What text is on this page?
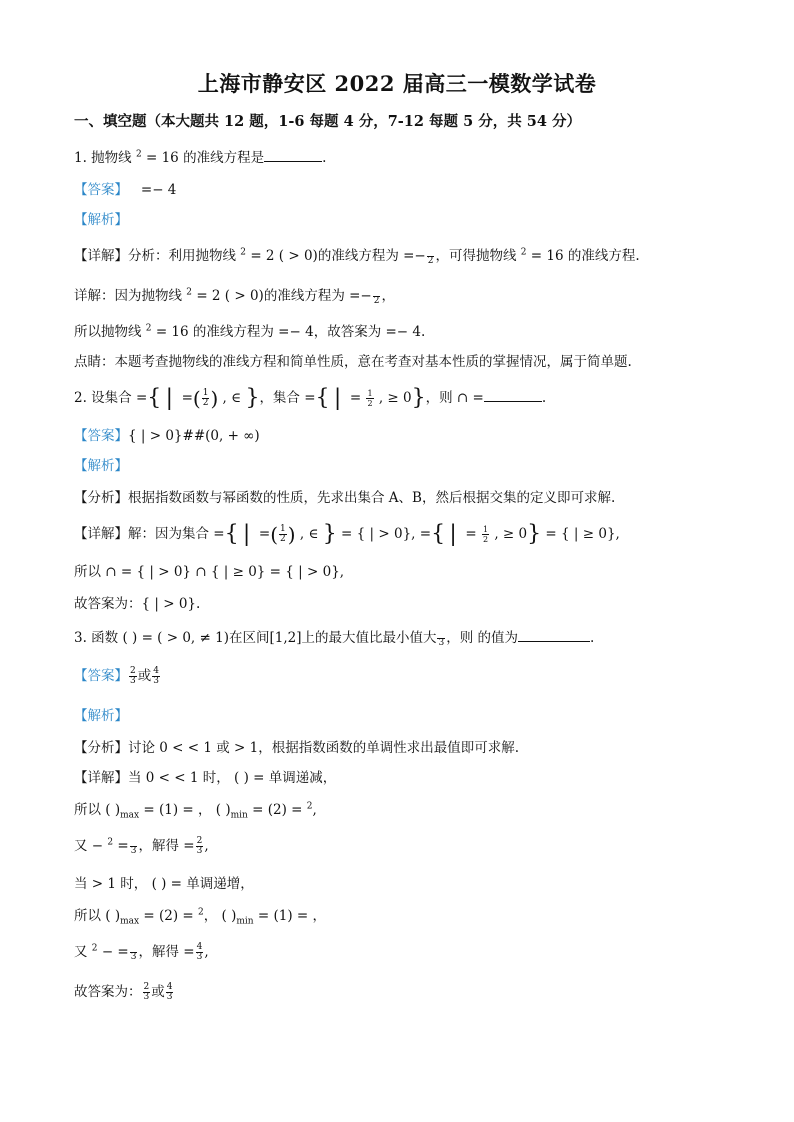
上海市静安区 2022 届高三一模数学试卷
一、填空题（本大题共 12 题，1-6 每题 4 分，7-12 每题 5 分，共 54 分）
1. 抛物线 $^2$ = 16 的准线方程是	.
【答案】   =− 4
【解析】
【详解】分析：利用抛物线 $^2$ = 2 ( > 0)的准线方程为 =−
2 ，可得抛物线 $^2$ = 16 的准线方程.
详解：因为抛物线 $^2$ = 2 ( > 0)的准线方程为 =−
2 ，
所以抛物线 $^2$ = 16 的准线方程为 =− 4，故答案为 =− 4.
点睛：本题考查抛物线的准线方程和简单性质，意在考查对基本性质的掌握情况，属于简单题.
2. 设集合 ={ |  =( $\frac{1}{2}$ ) , ∈ }，集合 ={ |  = $\frac{1}{2}$ , ≥ 0}，则 ∩ =	.
【答案】{ | > 0}##(0, + ∞)
【解析】
【分析】根据指数函数与幂函数的性质，先求出集合 A、B，然后根据交集的定义即可求解.
【详解】解：因为集合 ={ |  =( $\frac{1}{2}$ ) , ∈ } = { | > 0}, ={ |  = $\frac{1}{2}$ , ≥ 0} = { | ≥ 0},
所以 ∩ = { | > 0} ∩ { | ≥ 0} = { | > 0},
故答案为：{ | > 0}.
3. 函数 ( ) = ( > 0, ≠ 1)在区间[1,2]上的最大值比最小值大
3 ，则 的值为	.
【答案】 $\frac{2}{3}$ 或 $\frac{4}{3}$
【解析】
【分析】讨论 0 < < 1 或 > 1，根据指数函数的单调性求出最值即可求解.
【详解】当 0 < < 1 时， ( ) = 单调递减，
所以 ( )$_{max} = (1)$ = ， ( )$_{min} = (2) = ^2$,
又 − $^2$ =
3 ，解得 = $\frac{2}{3}$ ,
当 > 1 时， ( ) = 单调递增，
所以 ( )$_{max} = (2) = ^2$， ( )$_{min} = (1)$ = ，
又 $^2$ − =
3 ，解得 = $\frac{4}{3}$ ,
故答案为： $\frac{2}{3}$ 或 $\frac{4}{3}$
